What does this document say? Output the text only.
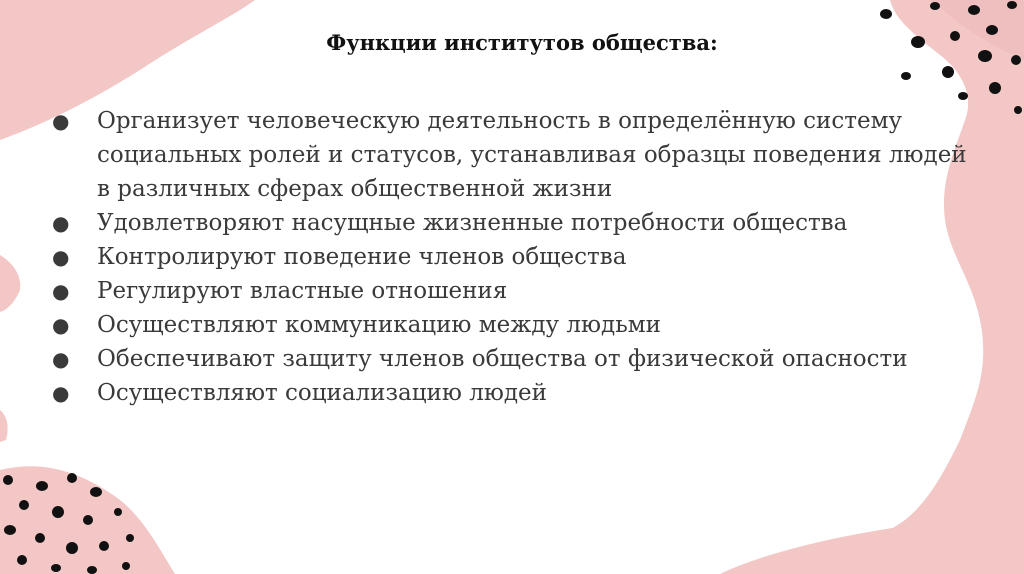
Функции институтов общества:
● Организует человеческую деятельность в определённую систему социальных ролей и статусов, устанавливая образцы поведения людей в различных сферах общественной жизни
● Удовлетворяют насущные жизненные потребности общества
● Контролируют поведение членов общества
● Регулируют властные отношения
● Осуществляют коммуникацию между людьми
● Обеспечивают защиту членов общества от физической опасности
● Осуществляют социализацию людей
